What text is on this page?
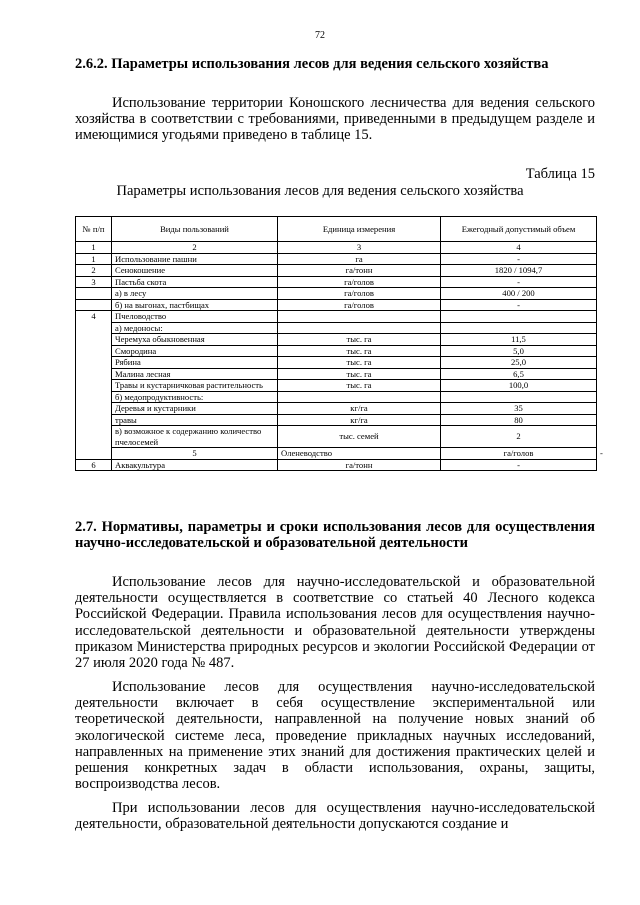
72
2.6.2. Параметры использования лесов для ведения сельского хозяйства
Использование территории Коношского лесничества для ведения сельского хозяйства в соответствии с требованиями, приведенными в предыдущем разделе и имеющимися угодьями приведено в таблице 15.
Таблица 15
Параметры использования лесов для ведения сельского хозяйства
№ п/п	Виды пользований	Единица измерения	Ежегодный допустимый объем	
1	2	3	4	
1	Использование пашни	га	-	
2	Сенокошение	га/тонн	1820 / 1094,7	
3	Пастьба скота	га/голов	-	
	а) в лесу	га/голов	400 / 200	
	б) на выгонах, пастбищах	га/голов	-	
4	Пчеловодство			
	а) медоносы:			
	Черемуха обыкновенная	тыс. га	11,5	
	Смородина	тыс. га	5,0	
	Рябина	тыс. га	25,0	
	Малина лесная	тыс. га	6,5	
	Травы и кустарничковая растительность	тыс. га	100,0	
	б) медопродуктивность:			
	Деревья и кустарники	кг/га	35	
	травы	кг/га	80	
	в) возможное к содержанию количество пчелосемей	тыс. семей	2	
	5	Оленеводство	га/голов	-
6	Аквакультура	га/тонн	-	
2.7. Нормативы, параметры и сроки использования лесов для осуществления научно-исследовательской и образовательной деятельности
Использование лесов для научно-исследовательской и образовательной деятельности осуществляется в соответствие со статьей 40 Лесного кодекса Российской Федерации. Правила использования лесов для осуществления научно-исследовательской деятельности и образовательной деятельности утверждены приказом Министерства природных ресурсов и экологии Российской Федерации от 27 июля 2020 года № 487.
Использование лесов для осуществления научно-исследовательской деятельности включает в себя осуществление экспериментальной или теоретической деятельности, направленной на получение новых знаний об экологической системе леса, проведение прикладных научных исследований, направленных на применение этих знаний для достижения практических целей и решения конкретных задач в области использования, охраны, защиты, воспроизводства лесов.
При использовании лесов для осуществления научно-исследовательской деятельности, образовательной деятельности допускаются создание и
